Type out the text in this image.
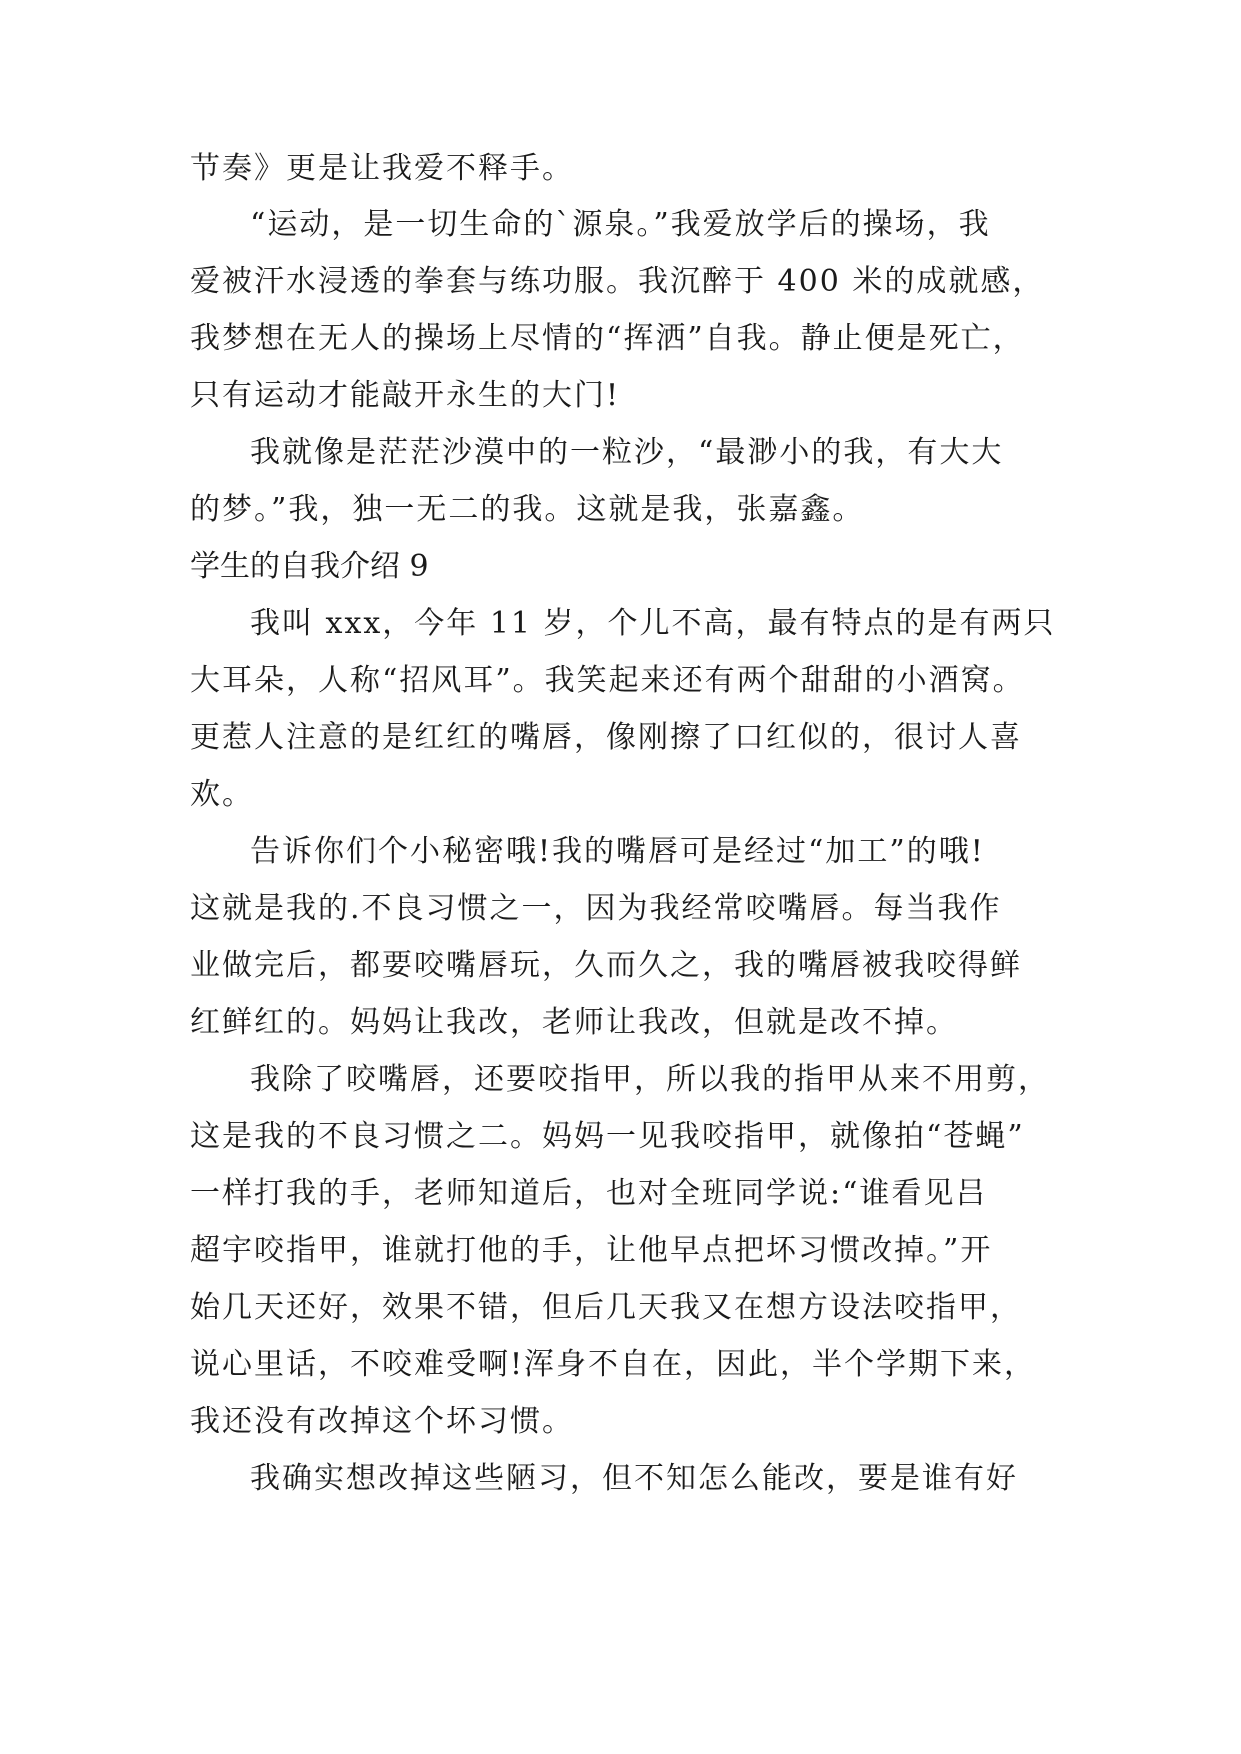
节奏》更是让我爱不释手。
“运动，是一切生命的`源泉。”我爱放学后的操场，我
爱被汗水浸透的拳套与练功服。我沉醉于 400 米的成就感，
我梦想在无人的操场上尽情的“挥洒”自我。静止便是死亡，
只有运动才能敲开永生的大门!
我就像是茫茫沙漠中的一粒沙，“最渺小的我，有大大
的梦。”我，独一无二的我。这就是我，张嘉鑫。
学生的自我介绍 9
我叫 xxx，今年 11 岁，个儿不高，最有特点的是有两只
大耳朵，人称“招风耳”。我笑起来还有两个甜甜的小酒窝。
更惹人注意的是红红的嘴唇，像刚擦了口红似的，很讨人喜
欢。
告诉你们个小秘密哦!我的嘴唇可是经过“加工”的哦!
这就是我的.不良习惯之一，因为我经常咬嘴唇。每当我作
业做完后，都要咬嘴唇玩，久而久之，我的嘴唇被我咬得鲜
红鲜红的。妈妈让我改，老师让我改，但就是改不掉。
我除了咬嘴唇，还要咬指甲，所以我的指甲从来不用剪，
这是我的不良习惯之二。妈妈一见我咬指甲，就像拍“苍蝇”
一样打我的手，老师知道后，也对全班同学说:“谁看见吕
超宇咬指甲，谁就打他的手，让他早点把坏习惯改掉。”开
始几天还好，效果不错，但后几天我又在想方设法咬指甲，
说心里话，不咬难受啊!浑身不自在，因此，半个学期下来，
我还没有改掉这个坏习惯。
我确实想改掉这些陋习，但不知怎么能改，要是谁有好
